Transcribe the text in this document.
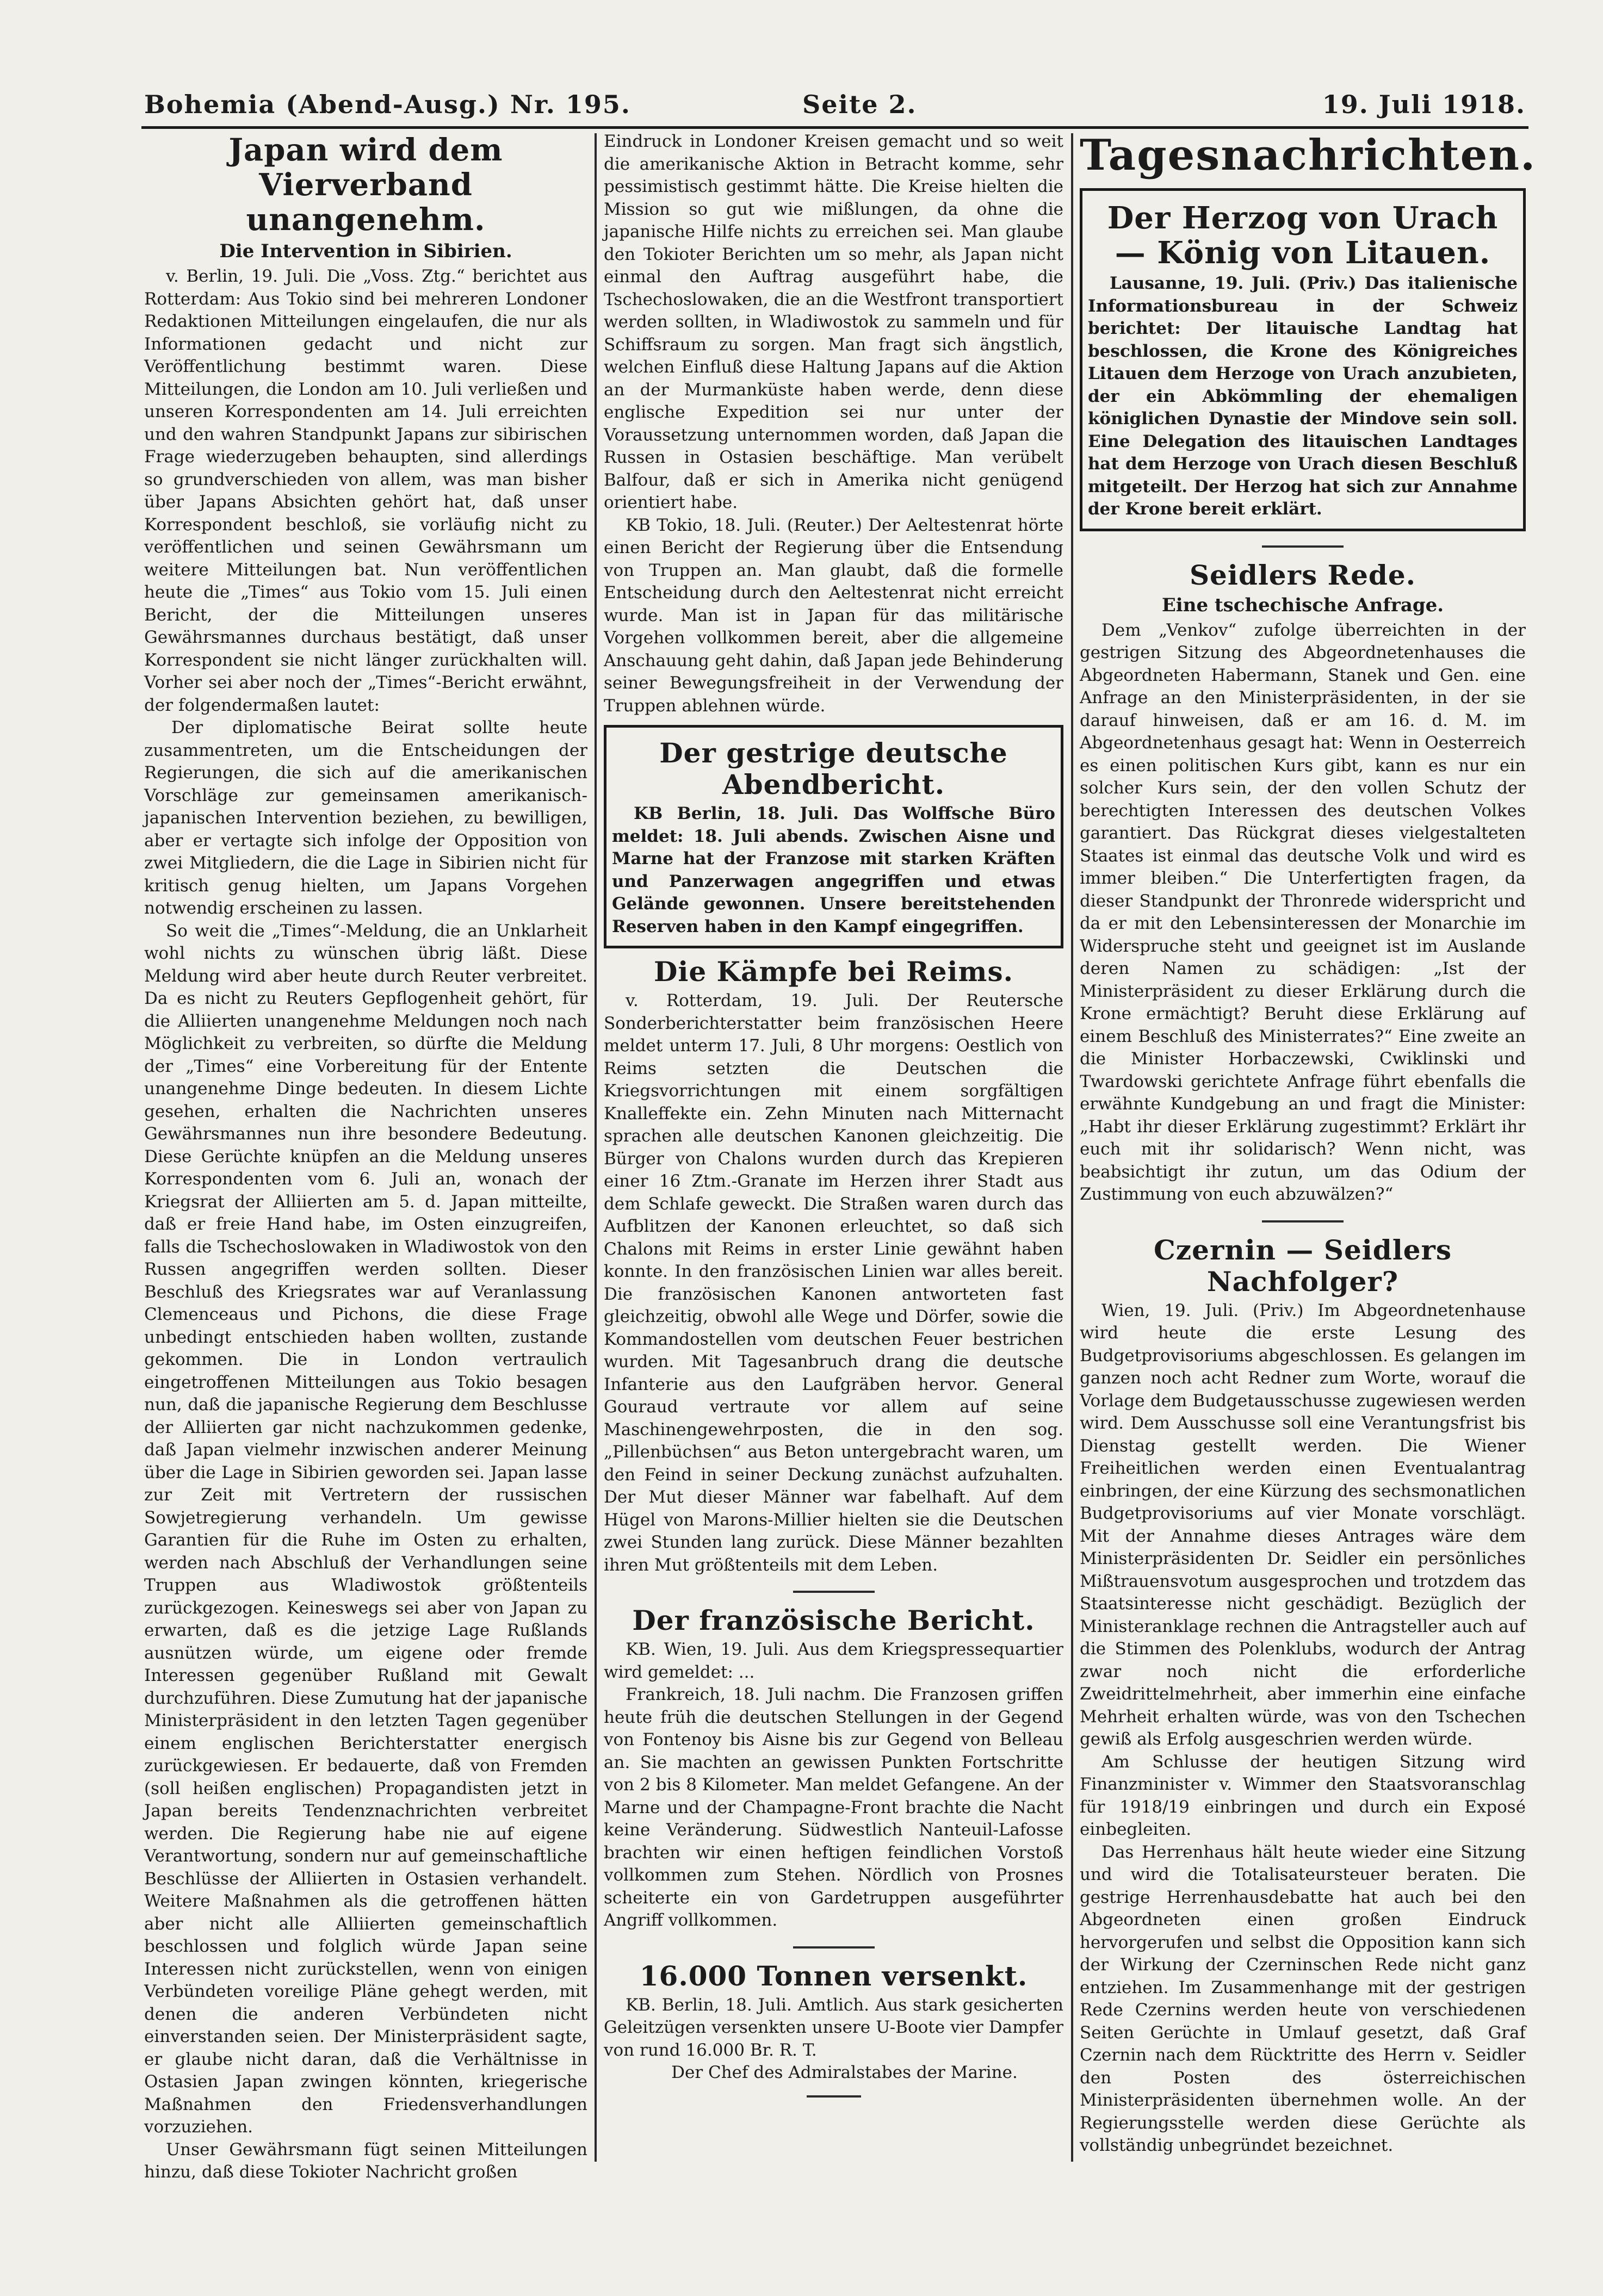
Bohemia (Abend-Ausg.) Nr. 195.	Seite 2.	19. Juli 1918.
Japan wird dem Vierverband unangenehm.
Die Intervention in Sibirien.

v. Berlin, 19. Juli. Die „Voss. Ztg.“ berichtet aus Rotterdam: Aus Tokio sind bei mehreren Londoner Redaktionen Mitteilungen eingelaufen, die nur als Informationen gedacht und nicht zur Veröffentlichung bestimmt waren. Diese Mitteilungen, die London am 10. Juli verließen und unseren Korrespondenten am 14. Juli erreichten und den wahren Standpunkt Japans zur sibirischen Frage wiederzugeben behaupten, sind allerdings so grundverschieden von allem, was man bisher über Japans Absichten gehört hat, daß unser Korrespondent beschloß, sie vorläufig nicht zu veröffentlichen und seinen Gewährsmann um weitere Mitteilungen bat. Nun veröffentlichen heute die „Times“ aus Tokio vom 15. Juli einen Bericht, der die Mitteilungen unseres Gewährsmannes durchaus bestätigt, daß unser Korrespondent sie nicht länger zurückhalten will. Vorher sei aber noch der „Times“-Bericht erwähnt, der folgendermaßen lautet:

Der diplomatische Beirat sollte heute zusammentreten, um die Entscheidungen der Regierungen, die sich auf die amerikanischen Vorschläge zur gemeinsamen amerikanisch-japanischen Intervention beziehen, zu bewilligen, aber er vertagte sich infolge der Opposition von zwei Mitgliedern, die die Lage in Sibirien nicht für kritisch genug hielten, um Japans Vorgehen notwendig erscheinen zu lassen.

So weit die „Times“-Meldung, die an Unklarheit wohl nichts zu wünschen übrig läßt. Diese Meldung wird aber heute durch Reuter verbreitet. Da es nicht zu Reuters Gepflogenheit gehört, für die Alliierten unangenehme Meldungen noch nach Möglichkeit zu verbreiten, so dürfte die Meldung der „Times“ eine Vorbereitung für der Entente unangenehme Dinge bedeuten. In diesem Lichte gesehen, erhalten die Nachrichten unseres Gewährsmannes nun ihre besondere Bedeutung. Diese Gerüchte knüpfen an die Meldung unseres Korrespondenten vom 6. Juli an, wonach der Kriegsrat der Alliierten am 5. d. Japan mitteilte, daß er freie Hand habe, im Osten einzugreifen, falls die Tschechoslowaken in Wladiwostok von den Russen angegriffen werden sollten. Dieser Beschluß des Kriegsrates war auf Veranlassung Clemenceaus und Pichons, die diese Frage unbedingt entschieden haben wollten, zustande gekommen. Die in London vertraulich eingetroffenen Mitteilungen aus Tokio besagen nun, daß die japanische Regierung dem Beschlusse der Alliierten gar nicht nachzukommen gedenke, daß Japan vielmehr inzwischen anderer Meinung über die Lage in Sibirien geworden sei. Japan lasse zur Zeit mit Vertretern der russischen Sowjetregierung verhandeln. Um gewisse Garantien für die Ruhe im Osten zu erhalten, werden nach Abschluß der Verhandlungen seine Truppen aus Wladiwostok größtenteils zurückgezogen. Keineswegs sei aber von Japan zu erwarten, daß es die jetzige Lage Rußlands ausnützen würde, um eigene oder fremde Interessen gegenüber Rußland mit Gewalt durchzuführen. Diese Zumutung hat der japanische Ministerpräsident in den letzten Tagen gegenüber einem englischen Berichterstatter energisch zurückgewiesen. Er bedauerte, daß von Fremden (soll heißen englischen) Propagandisten jetzt in Japan bereits Tendenznachrichten verbreitet werden. Die Regierung habe nie auf eigene Verantwortung, sondern nur auf gemeinschaftliche Beschlüsse der Alliierten in Ostasien verhandelt. Weitere Maßnahmen als die getroffenen hätten aber nicht alle Alliierten gemeinschaftlich beschlossen und folglich würde Japan seine Interessen nicht zurückstellen, wenn von einigen Verbündeten voreilige Pläne gehegt werden, mit denen die anderen Verbündeten nicht einverstanden seien. Der Ministerpräsident sagte, er glaube nicht daran, daß die Verhältnisse in Ostasien Japan zwingen könnten, kriegerische Maßnahmen den Friedensverhandlungen vorzuziehen.

Unser Gewährsmann fügt seinen Mitteilungen hinzu, daß diese Tokioter Nachricht großen

Eindruck in Londoner Kreisen gemacht und so weit die amerikanische Aktion in Betracht komme, sehr pessimistisch gestimmt hätte. Die Kreise hielten die Mission so gut wie mißlungen, da ohne die japanische Hilfe nichts zu erreichen sei. Man glaube den Tokioter Berichten um so mehr, als Japan nicht einmal den Auftrag ausgeführt habe, die Tschechoslowaken, die an die Westfront transportiert werden sollten, in Wladiwostok zu sammeln und für Schiffsraum zu sorgen. Man fragt sich ängstlich, welchen Einfluß diese Haltung Japans auf die Aktion an der Murmanküste haben werde, denn diese englische Expedition sei nur unter der Voraussetzung unternommen worden, daß Japan die Russen in Ostasien beschäftige. Man verübelt Balfour, daß er sich in Amerika nicht genügend orientiert habe.

KB Tokio, 18. Juli. (Reuter.) Der Aeltestenrat hörte einen Bericht der Regierung über die Entsendung von Truppen an. Man glaubt, daß die formelle Entscheidung durch den Aeltestenrat nicht erreicht wurde. Man ist in Japan für das militärische Vorgehen vollkommen bereit, aber die allgemeine Anschauung geht dahin, daß Japan jede Behinderung seiner Bewegungsfreiheit in der Verwendung der Truppen ablehnen würde.

Der gestrige deutsche Abendbericht.

KB Berlin, 18. Juli. Das Wolffsche Büro meldet: 18. Juli abends. Zwischen Aisne und Marne hat der Franzose mit starken Kräften und Panzerwagen angegriffen und etwas Gelände gewonnen. Unsere bereitstehenden Reserven haben in den Kampf eingegriffen.

Die Kämpfe bei Reims.

v. Rotterdam, 19. Juli. Der Reutersche Sonderberichterstatter beim französischen Heere meldet unterm 17. Juli, 8 Uhr morgens: Oestlich von Reims setzten die Deutschen die Kriegsvorrichtungen mit einem sorgfältigen Knalleffekte ein. Zehn Minuten nach Mitternacht sprachen alle deutschen Kanonen gleichzeitig. Die Bürger von Chalons wurden durch das Krepieren einer 16 Ztm.-Granate im Herzen ihrer Stadt aus dem Schlafe geweckt. Die Straßen waren durch das Aufblitzen der Kanonen erleuchtet, so daß sich Chalons mit Reims in erster Linie gewähnt haben konnte. In den französischen Linien war alles bereit. Die französischen Kanonen antworteten fast gleichzeitig, obwohl alle Wege und Dörfer, sowie die Kommandostellen vom deutschen Feuer bestrichen wurden. Mit Tagesanbruch drang die deutsche Infanterie aus den Laufgräben hervor. General Gouraud vertraute vor allem auf seine Maschinengewehrposten, die in den sog. „Pillenbüchsen“ aus Beton untergebracht waren, um den Feind in seiner Deckung zunächst aufzuhalten. Der Mut dieser Männer war fabelhaft. Auf dem Hügel von Marons-Millier hielten sie die Deutschen zwei Stunden lang zurück. Diese Männer bezahlten ihren Mut größtenteils mit dem Leben.

Der französische Bericht.

KB. Wien, 19. Juli. Aus dem Kriegspressequartier wird gemeldet: ...

Frankreich, 18. Juli nachm. Die Franzosen griffen heute früh die deutschen Stellungen in der Gegend von Fontenoy bis Aisne bis zur Gegend von Belleau an. Sie machten an gewissen Punkten Fortschritte von 2 bis 8 Kilometer. Man meldet Gefangene. An der Marne und der Champagne-Front brachte die Nacht keine Veränderung. Südwestlich Nanteuil-Lafosse brachten wir einen heftigen feindlichen Vorstoß vollkommen zum Stehen. Nördlich von Prosnes scheiterte ein von Gardetruppen ausgeführter Angriff vollkommen.

16.000 Tonnen versenkt.

KB. Berlin, 18. Juli. Amtlich. Aus stark gesicherten Geleitzügen versenkten unsere U-Boote vier Dampfer von rund 16.000 Br. R. T.

Der Chef des Admiralstabes der Marine.

Tagesnachrichten.
Der Herzog von Urach — König von Litauen.

Lausanne, 19. Juli. (Priv.) Das italienische Informationsbureau in der Schweiz berichtet: Der litauische Landtag hat beschlossen, die Krone des Königreiches Litauen dem Herzoge von Urach anzubieten, der ein Abkömmling der ehemaligen königlichen Dynastie der Mindove sein soll. Eine Delegation des litauischen Landtages hat dem Herzoge von Urach diesen Beschluß mitgeteilt. Der Herzog hat sich zur Annahme der Krone bereit erklärt.

Seidlers Rede.
Eine tschechische Anfrage.

Dem „Venkov“ zufolge überreichten in der gestrigen Sitzung des Abgeordnetenhauses die Abgeordneten Habermann, Stanek und Gen. eine Anfrage an den Ministerpräsidenten, in der sie darauf hinweisen, daß er am 16. d. M. im Abgeordnetenhaus gesagt hat: Wenn in Oesterreich es einen politischen Kurs gibt, kann es nur ein solcher Kurs sein, der den vollen Schutz der berechtigten Interessen des deutschen Volkes garantiert. Das Rückgrat dieses vielgestalteten Staates ist einmal das deutsche Volk und wird es immer bleiben.“ Die Unterfertigten fragen, da dieser Standpunkt der Thronrede widerspricht und da er mit den Lebensinteressen der Monarchie im Widerspruche steht und geeignet ist im Auslande deren Namen zu schädigen: „Ist der Ministerpräsident zu dieser Erklärung durch die Krone ermächtigt? Beruht diese Erklärung auf einem Beschluß des Ministerrates?“ Eine zweite an die Minister Horbaczewski, Cwiklinski und Twardowski gerichtete Anfrage führt ebenfalls die erwähnte Kundgebung an und fragt die Minister: „Habt ihr dieser Erklärung zugestimmt? Erklärt ihr euch mit ihr solidarisch? Wenn nicht, was beabsichtigt ihr zutun, um das Odium der Zustimmung von euch abzuwälzen?“

Czernin — Seidlers Nachfolger?

Wien, 19. Juli. (Priv.) Im Abgeordnetenhause wird heute die erste Lesung des Budgetprovisoriums abgeschlossen. Es gelangen im ganzen noch acht Redner zum Worte, worauf die Vorlage dem Budgetausschusse zugewiesen werden wird. Dem Ausschusse soll eine Verantungsfrist bis Dienstag gestellt werden. Die Wiener Freiheitlichen werden einen Eventualantrag einbringen, der eine Kürzung des sechsmonatlichen Budgetprovisoriums auf vier Monate vorschlägt. Mit der Annahme dieses Antrages wäre dem Ministerpräsidenten Dr. Seidler ein persönliches Mißtrauensvotum ausgesprochen und trotzdem das Staatsinteresse nicht geschädigt. Bezüglich der Ministeranklage rechnen die Antragsteller auch auf die Stimmen des Polenklubs, wodurch der Antrag zwar noch nicht die erforderliche Zweidrittelmehrheit, aber immerhin eine einfache Mehrheit erhalten würde, was von den Tschechen gewiß als Erfolg ausgeschrien werden würde.

Am Schlusse der heutigen Sitzung wird Finanzminister v. Wimmer den Staatsvoranschlag für 1918/19 einbringen und durch ein Exposé einbegleiten.

Das Herrenhaus hält heute wieder eine Sitzung und wird die Totalisateursteuer beraten. Die gestrige Herrenhausdebatte hat auch bei den Abgeordneten einen großen Eindruck hervorgerufen und selbst die Opposition kann sich der Wirkung der Czerninschen Rede nicht ganz entziehen. Im Zusammenhange mit der gestrigen Rede Czernins werden heute von verschiedenen Seiten Gerüchte in Umlauf gesetzt, daß Graf Czernin nach dem Rücktritte des Herrn v. Seidler den Posten des österreichischen Ministerpräsidenten übernehmen wolle. An der Regierungsstelle werden diese Gerüchte als vollständig unbegründet bezeichnet.
